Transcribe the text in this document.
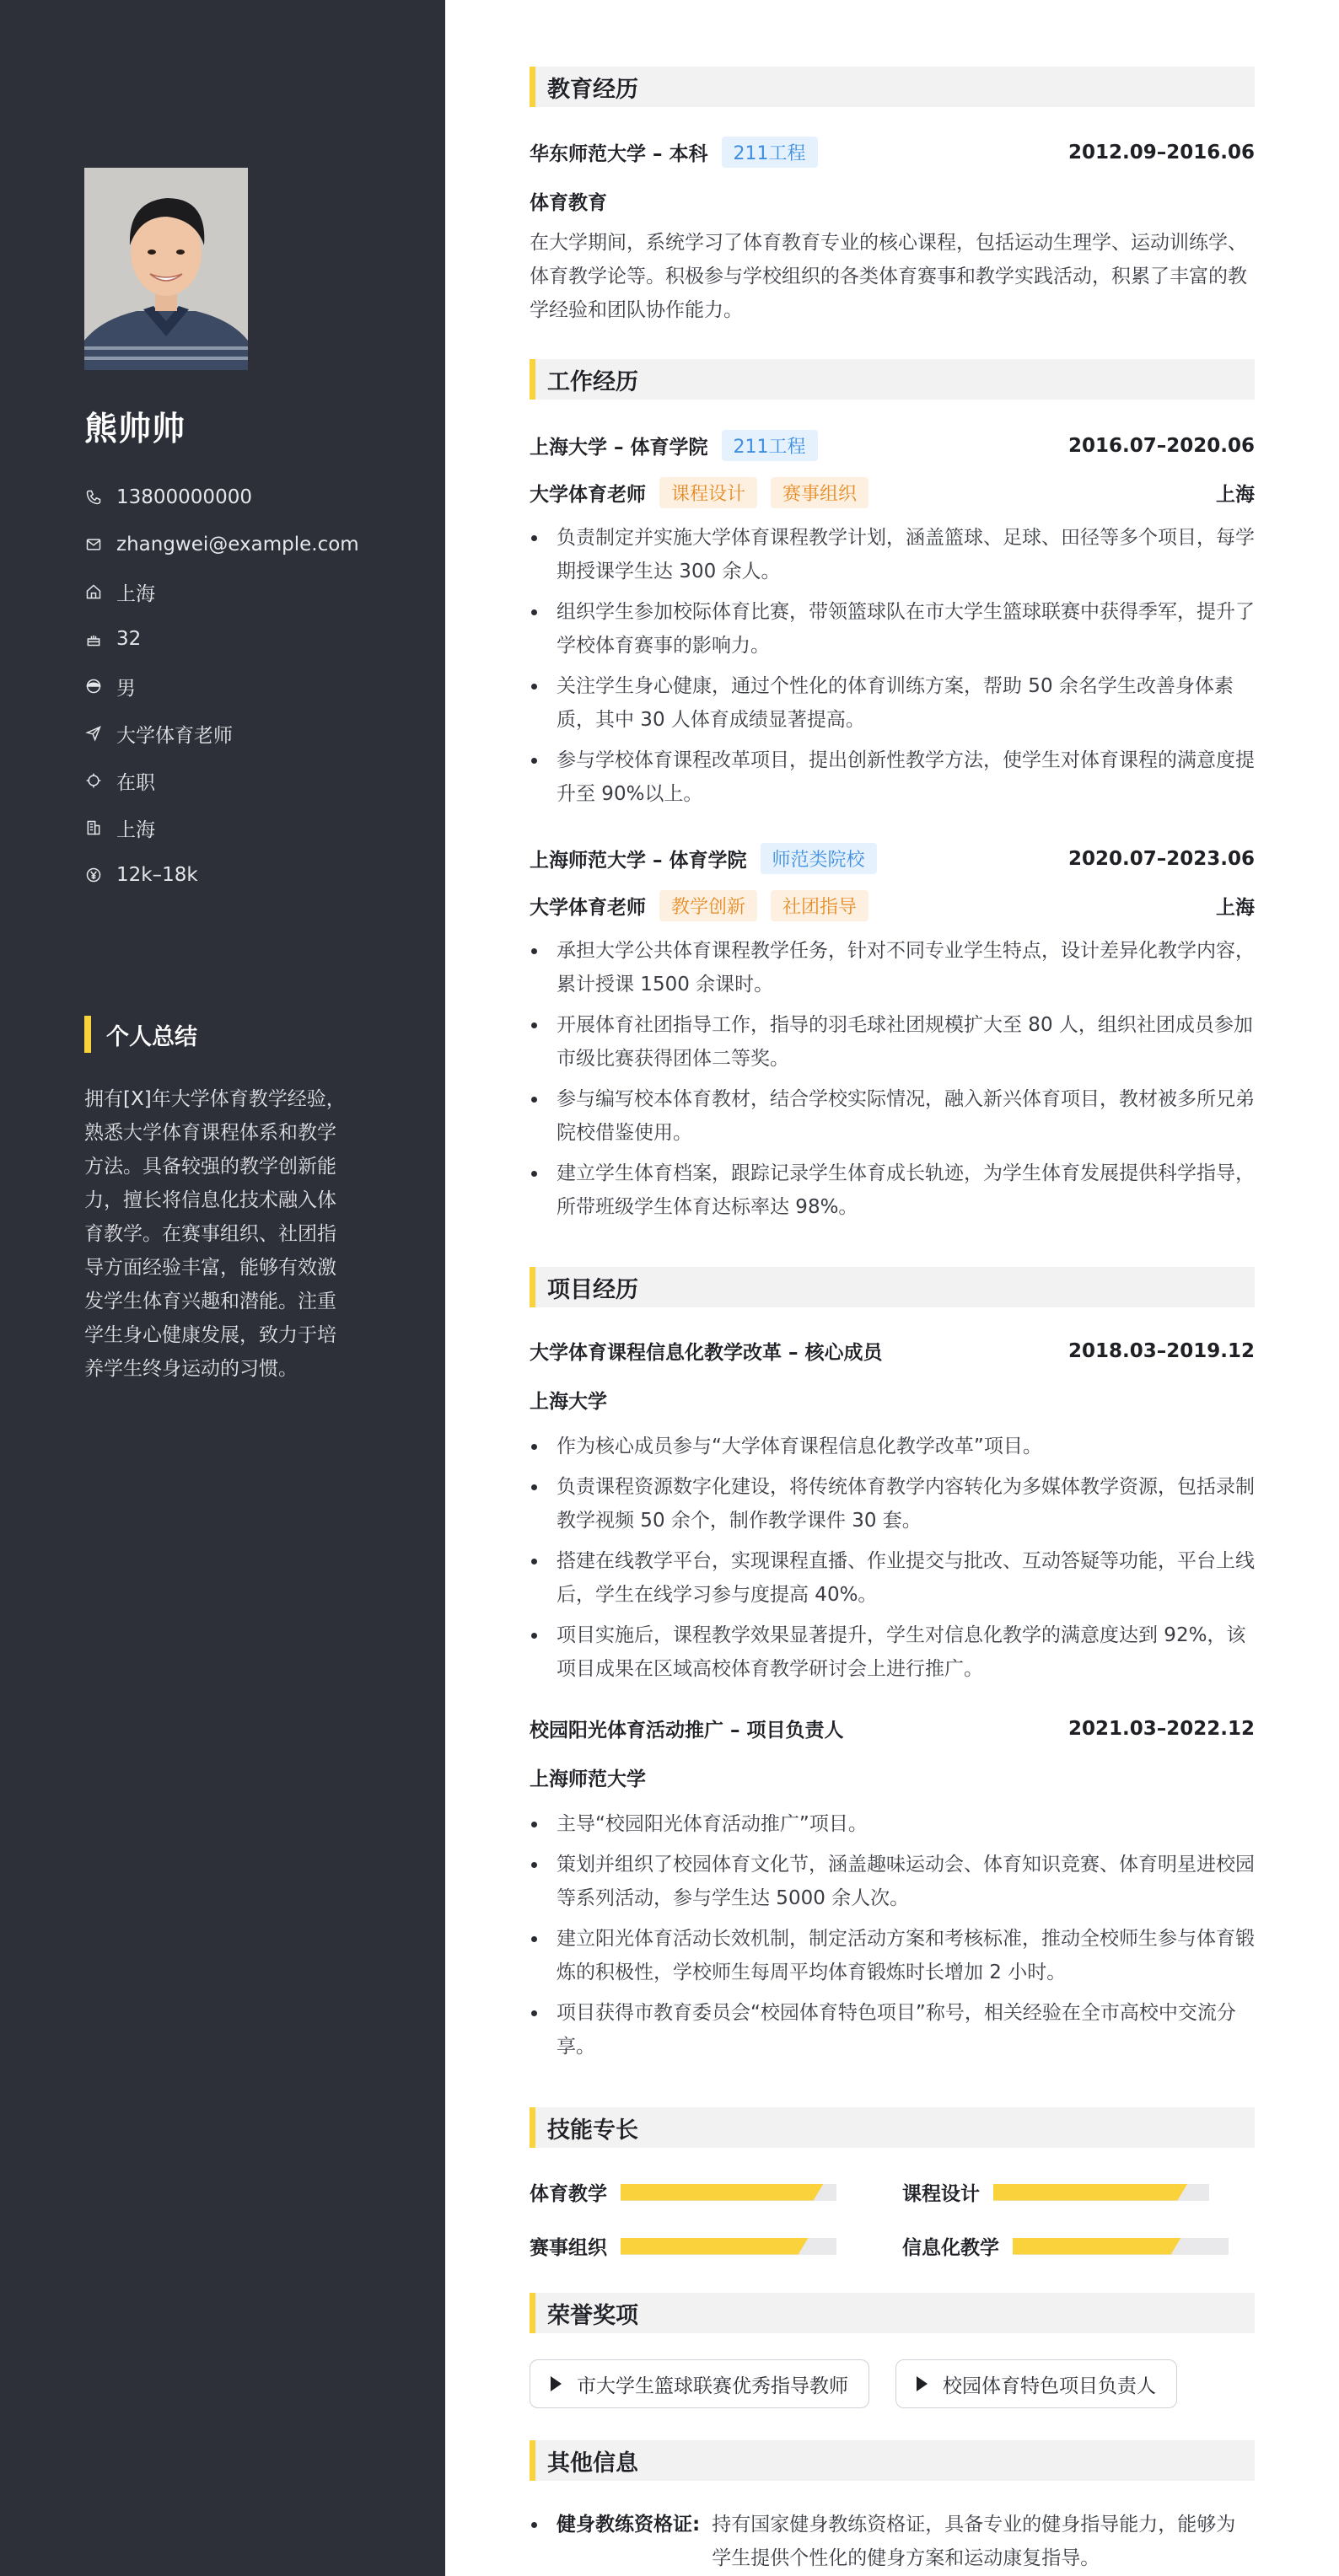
熊帅帅
13800000000
zhangwei@example.com
上海
32
男
大学体育老师
在职
上海
12k–18k
个人总结

拥有[X]年大学体育教学经验，熟悉大学体育课程体系和教学方法。具备较强的教学创新能力，擅长将信息化技术融入体育教学。在赛事组织、社团指导方面经验丰富，能够有效激发学生体育兴趣和潜能。注重学生身心健康发展，致力于培养学生终身运动的习惯。

教育经历
华东师范大学 – 本科	211工程	2012.09–2016.06
体育教育

在大学期间，系统学习了体育教育专业的核心课程，包括运动生理学、运动训练学、体育教学论等。积极参与学校组织的各类体育赛事和教学实践活动，积累了丰富的教学经验和团队协作能力。

工作经历
上海大学 – 体育学院	211工程	2016.07–2020.06
大学体育老师	课程设计	赛事组织	上海
负责制定并实施大学体育课程教学计划，涵盖篮球、足球、田径等多个项目，每学期授课学生达 300 余人。
组织学生参加校际体育比赛，带领篮球队在市大学生篮球联赛中获得季军，提升了学校体育赛事的影响力。
关注学生身心健康，通过个性化的体育训练方案，帮助 50 余名学生改善身体素质，其中 30 人体育成绩显著提高。
参与学校体育课程改革项目，提出创新性教学方法，使学生对体育课程的满意度提升至 90%以上。
上海师范大学 – 体育学院	师范类院校	2020.07–2023.06
大学体育老师	教学创新	社团指导	上海
承担大学公共体育课程教学任务，针对不同专业学生特点，设计差异化教学内容，累计授课 1500 余课时。
开展体育社团指导工作，指导的羽毛球社团规模扩大至 80 人，组织社团成员参加市级比赛获得团体二等奖。
参与编写校本体育教材，结合学校实际情况，融入新兴体育项目，教材被多所兄弟院校借鉴使用。
建立学生体育档案，跟踪记录学生体育成长轨迹，为学生体育发展提供科学指导，所带班级学生体育达标率达 98%。
项目经历
大学体育课程信息化教学改革 – 核心成员	2018.03–2019.12
上海大学
作为核心成员参与“大学体育课程信息化教学改革”项目。
负责课程资源数字化建设，将传统体育教学内容转化为多媒体教学资源，包括录制教学视频 50 余个，制作教学课件 30 套。
搭建在线教学平台，实现课程直播、作业提交与批改、互动答疑等功能，平台上线后，学生在线学习参与度提高 40%。
项目实施后，课程教学效果显著提升，学生对信息化教学的满意度达到 92%，该项目成果在区域高校体育教学研讨会上进行推广。
校园阳光体育活动推广 – 项目负责人	2021.03–2022.12
上海师范大学
主导“校园阳光体育活动推广”项目。
策划并组织了校园体育文化节，涵盖趣味运动会、体育知识竞赛、体育明星进校园等系列活动，参与学生达 5000 余人次。
建立阳光体育活动长效机制，制定活动方案和考核标准，推动全校师生参与体育锻炼的积极性，学校师生每周平均体育锻炼时长增加 2 小时。
项目获得市教育委员会“校园体育特色项目”称号，相关经验在全市高校中交流分享。
技能专长
体育教学	课程设计
赛事组织	信息化教学
荣誉奖项
市大学生篮球联赛优秀指导教师	校园体育特色项目负责人
其他信息
健身教练资格证: 持有国家健身教练资格证，具备专业的健身指导能力，能够为学生提供个性化的健身方案和运动康复指导。
